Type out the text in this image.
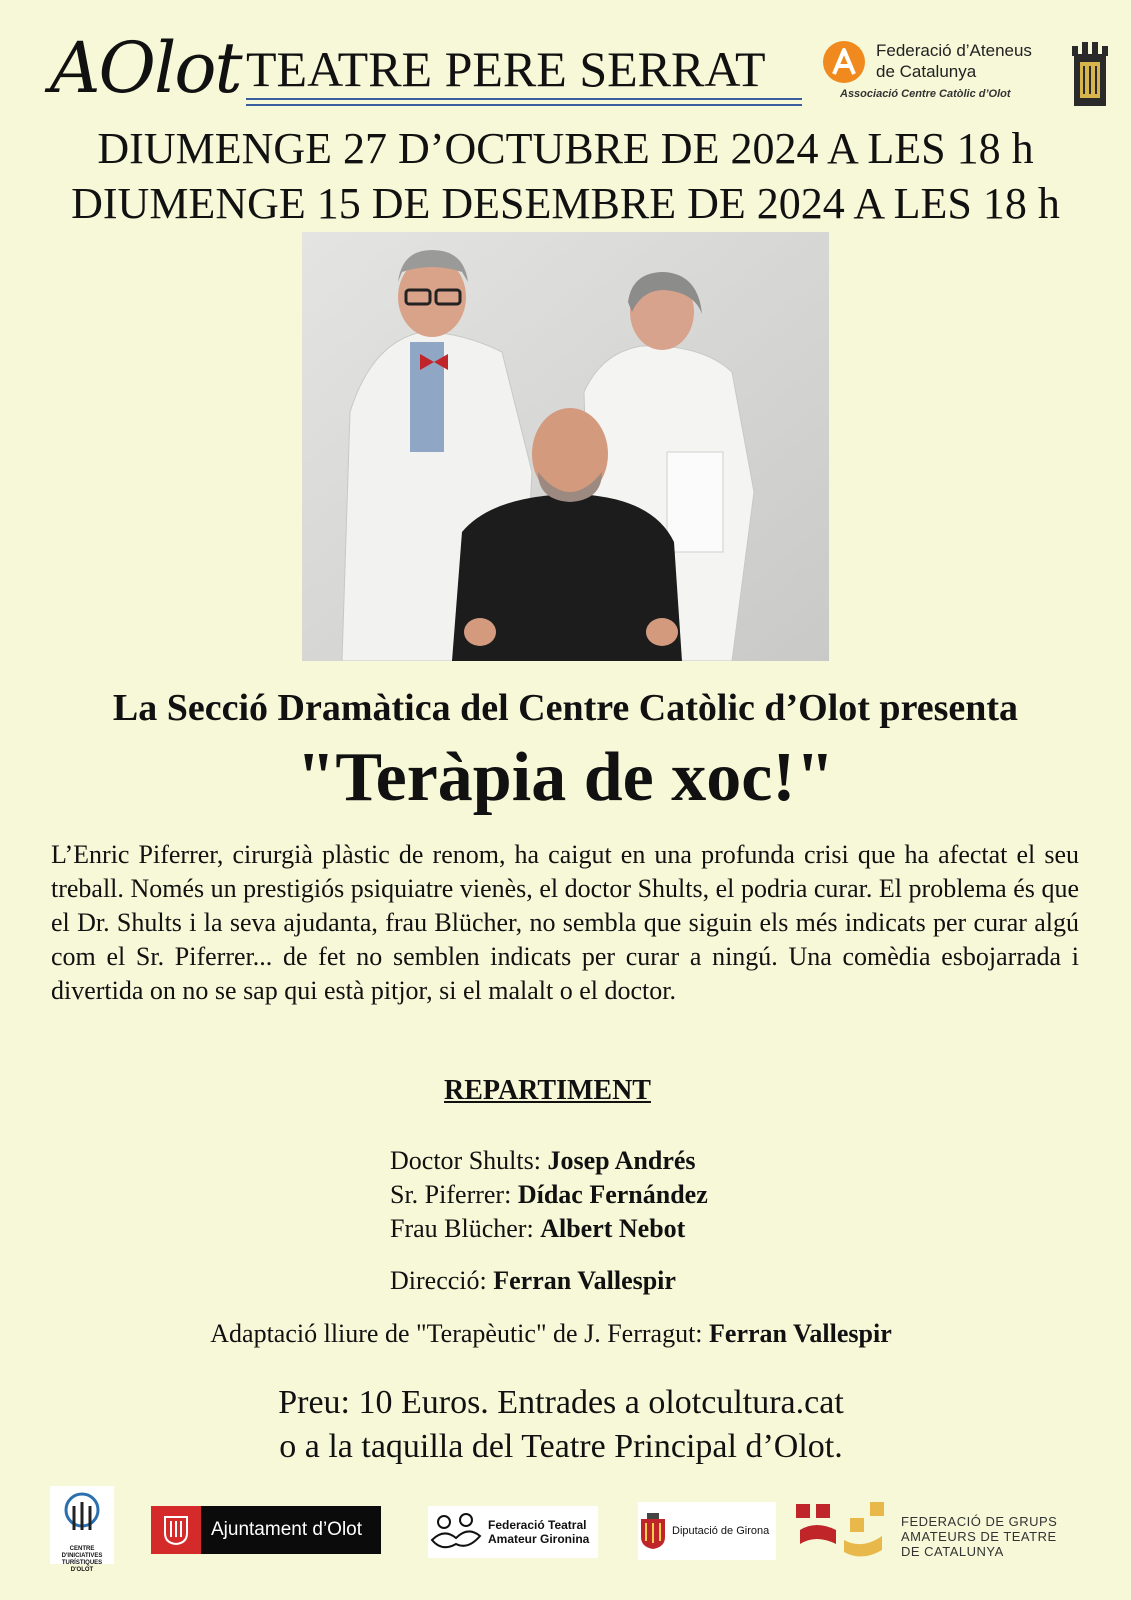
AOlot TEATRE PERE SERRAT	Federació d’Ateneus
de Catalunya
Associació Centre Catòlic d’Olot
DIUMENGE 27 D’OCTUBRE DE 2024 A LES 18 h
DIUMENGE 15 DE DESEMBRE DE 2024 A LES 18 h
La Secció Dramàtica del Centre Catòlic d’Olot presenta
"Teràpia de xoc!"
L’Enric Piferrer, cirurgià plàstic de renom, ha caigut en una profunda crisi que ha afectat el seu treball. Només un prestigiós psiquiatre vienès, el doctor Shults, el podria curar. El problema és que el Dr. Shults i la seva ajudanta, frau Blücher, no sembla que siguin els més indicats per curar algú com el Sr. Piferrer... de fet no semblen indicats per curar a ningú. Una comèdia esbojarrada i divertida on no se sap qui està pitjor, si el malalt o el doctor.
REPARTIMENT
Doctor Shults: Josep Andrés
Sr. Piferrer: Dídac Fernández
Frau Blücher: Albert Nebot
Direcció: Ferran Vallespir
Adaptació lliure de "Terapèutic" de J. Ferragut: Ferran Vallespir
Preu: 10 Euros. Entrades a olotcultura.cat
o a la taquilla del Teatre Principal d’Olot.
CENTRE D'INICIATIVES TURÍSTIQUES D'OLOT
Ajuntament d’Olot	Federació Teatral
Amateur Gironina
Diputació de Girona
FEDERACIÓ DE GRUPS
AMATEURS DE TEATRE
DE CATALUNYA
